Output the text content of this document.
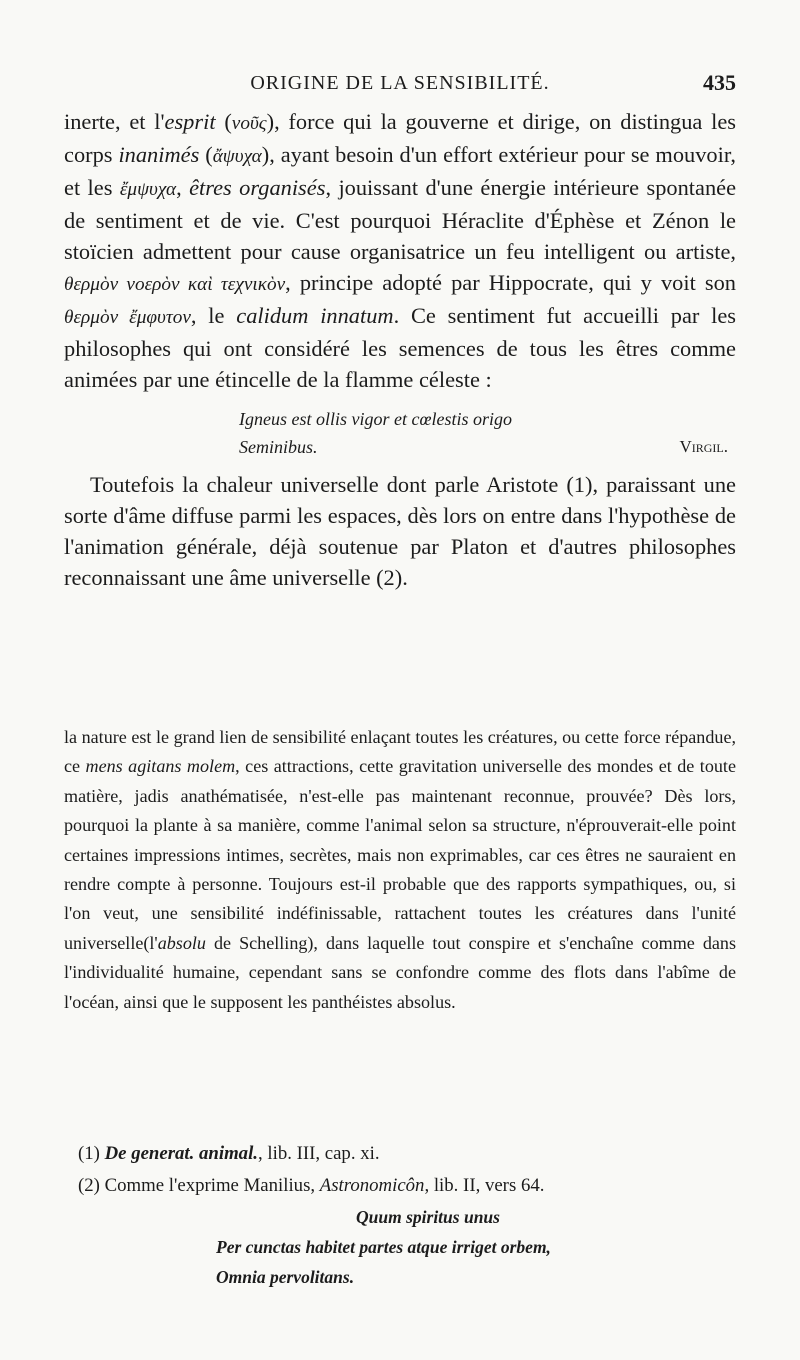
ORIGINE DE LA SENSIBILITÉ.	435

inerte, et l'esprit (νοῦς), force qui la gouverne et dirige, on distingua les corps inanimés (ἄψυχα), ayant besoin d'un effort extérieur pour se mouvoir, et les ἔμψυχα, êtres organisés, jouissant d'une énergie intérieure spontanée de sentiment et de vie. C'est pourquoi Héraclite d'Éphèse et Zénon le stoïcien admettent pour cause organisatrice un feu intelligent ou artiste, θερμὸν νοερὸν καὶ τεχνικὸν, principe adopté par Hippocrate, qui y voit son θερμὸν ἔμφυτον, le calidum innatum. Ce sentiment fut accueilli par les philosophes qui ont considéré les semences de tous les êtres comme animées par une étincelle de la flamme céleste :

Igneus est ollis vigor et cœlestis origo
Seminibus.	Virgil.

Toutefois la chaleur universelle dont parle Aristote (1), paraissant une sorte d'âme diffuse parmi les espaces, dès lors on entre dans l'hypothèse de l'animation générale, déjà soutenue par Platon et d'autres philosophes reconnaissant une âme universelle (2).

la nature est le grand lien de sensibilité enlaçant toutes les créatures, ou cette force répandue, ce mens agitans molem, ces attractions, cette gravitation universelle des mondes et de toute matière, jadis anathématisée, n'est-elle pas maintenant reconnue, prouvée? Dès lors, pourquoi la plante à sa manière, comme l'animal selon sa structure, n'éprouverait-elle point certaines impressions intimes, secrètes, mais non exprimables, car ces êtres ne sauraient en rendre compte à personne. Toujours est-il probable que des rapports sympathiques, ou, si l'on veut, une sensibilité indéfinissable, rattachent toutes les créatures dans l'unité universelle(l'absolu de Schelling), dans laquelle tout conspire et s'enchaîne comme dans l'individualité humaine, cependant sans se confondre comme des flots dans l'abîme de l'océan, ainsi que le supposent les panthéistes absolus.

(1) De generat. animal., lib. III, cap. xi.

(2) Comme l'exprime Manilius, Astronomicôn, lib. II, vers 64.

Quum spiritus unus
Per cunctas habitet partes atque irriget orbem,
Omnia pervolitans.
